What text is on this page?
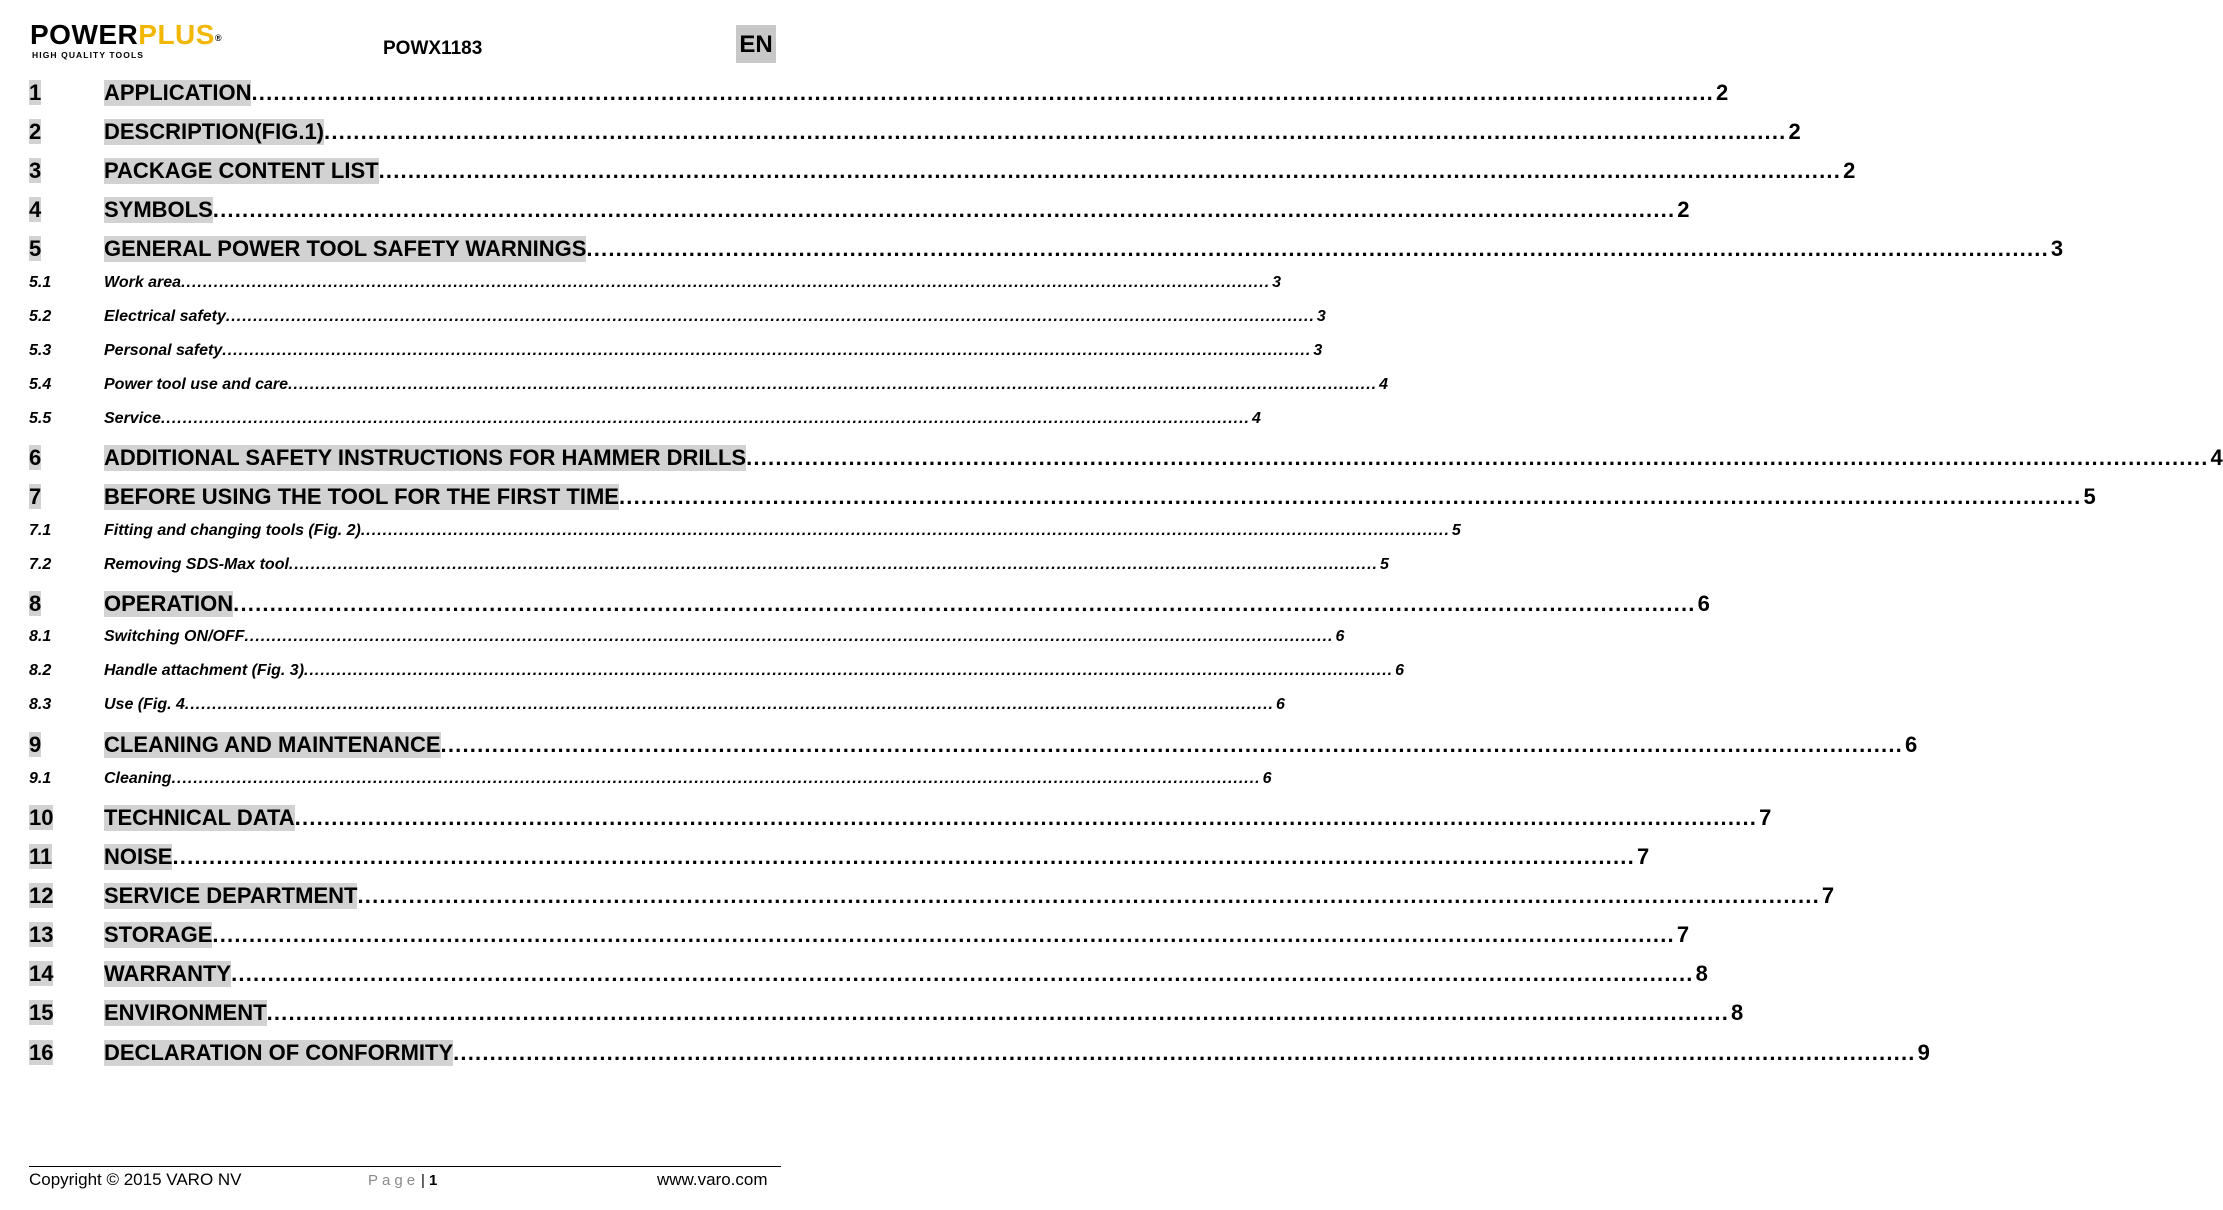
POWERPLUS®
HIGH QUALITY TOOLS	POWX1183	EN
1	APPLICATION ........................................................................................................................................................................................................ 2
2	DESCRIPTION(FIG.1) ........................................................................................................................................................................................................ 2
3	PACKAGE CONTENT LIST ........................................................................................................................................................................................................ 2
4	SYMBOLS ........................................................................................................................................................................................................ 2
5	GENERAL POWER TOOL SAFETY WARNINGS ........................................................................................................................................................................................................ 3
5.1	Work area ........................................................................................................................................................................................................ 3
5.2	Electrical safety ........................................................................................................................................................................................................ 3
5.3	Personal safety ........................................................................................................................................................................................................ 3
5.4	Power tool use and care ........................................................................................................................................................................................................ 4
5.5	Service ........................................................................................................................................................................................................ 4
6	ADDITIONAL SAFETY INSTRUCTIONS FOR HAMMER DRILLS ........................................................................................................................................................................................................ 4
7	BEFORE USING THE TOOL FOR THE FIRST TIME ........................................................................................................................................................................................................ 5
7.1	Fitting and changing tools (Fig. 2) ........................................................................................................................................................................................................ 5
7.2	Removing SDS-Max tool ........................................................................................................................................................................................................ 5
8	OPERATION ........................................................................................................................................................................................................ 6
8.1	Switching ON/OFF ........................................................................................................................................................................................................ 6
8.2	Handle attachment (Fig. 3) ........................................................................................................................................................................................................ 6
8.3	Use (Fig. 4 ........................................................................................................................................................................................................ 6
9	CLEANING AND MAINTENANCE ........................................................................................................................................................................................................ 6
9.1	Cleaning ........................................................................................................................................................................................................ 6
10	TECHNICAL DATA ........................................................................................................................................................................................................ 7
11	NOISE ........................................................................................................................................................................................................ 7
12	SERVICE DEPARTMENT ........................................................................................................................................................................................................ 7
13	STORAGE ........................................................................................................................................................................................................ 7
14	WARRANTY ........................................................................................................................................................................................................ 8
15	ENVIRONMENT ........................................................................................................................................................................................................ 8
16	DECLARATION OF CONFORMITY ........................................................................................................................................................................................................ 9
Copyright © 2015 VARO NV	Page | 1	www.varo.com
